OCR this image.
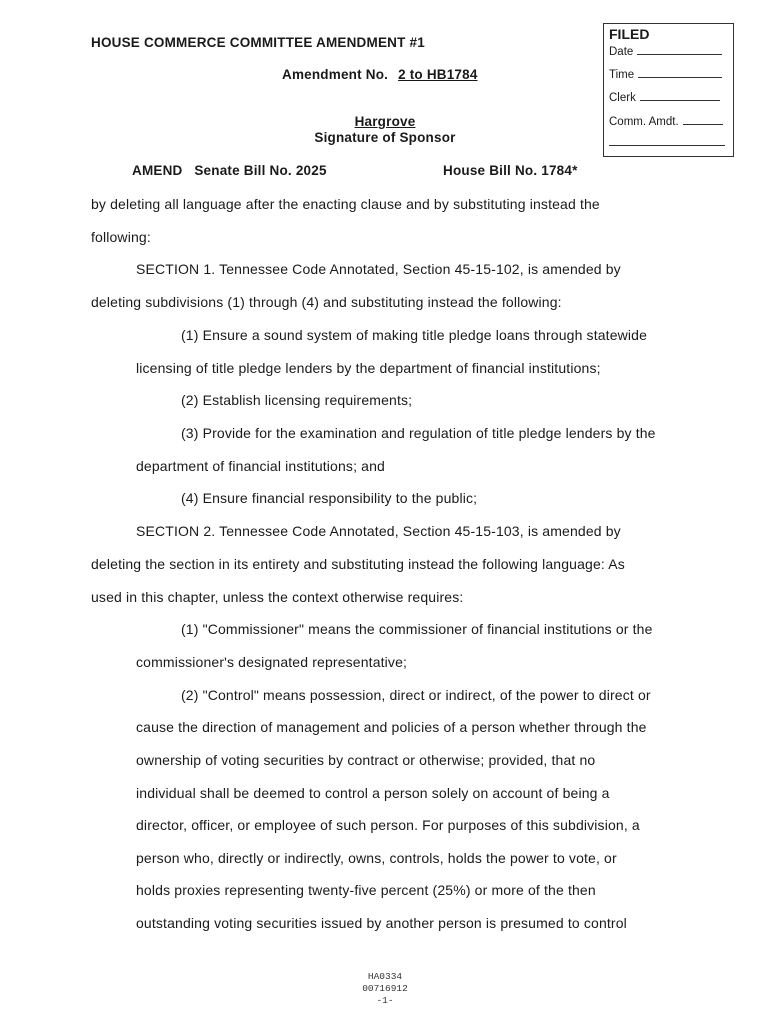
HOUSE COMMERCE COMMITTEE AMENDMENT #1
Amendment No. 2 to HB1784
Hargrove
Signature of Sponsor
AMEND   Senate Bill No. 2025	House Bill No. 1784*
FILED
Date
Time
Clerk
Comm. Amdt.
by deleting all language after the enacting clause and by substituting instead the
following:
SECTION 1. Tennessee Code Annotated, Section 45-15-102, is amended by
deleting subdivisions (1) through (4) and substituting instead the following:
(1) Ensure a sound system of making title pledge loans through statewide
licensing of title pledge lenders by the department of financial institutions;
(2) Establish licensing requirements;
(3) Provide for the examination and regulation of title pledge lenders by the
department of financial institutions; and
(4) Ensure financial responsibility to the public;
SECTION 2. Tennessee Code Annotated, Section 45-15-103, is amended by
deleting the section in its entirety and substituting instead the following language: As
used in this chapter, unless the context otherwise requires:
(1) "Commissioner" means the commissioner of financial institutions or the
commissioner's designated representative;
(2) "Control" means possession, direct or indirect, of the power to direct or
cause the direction of management and policies of a person whether through the
ownership of voting securities by contract or otherwise; provided, that no
individual shall be deemed to control a person solely on account of being a
director, officer, or employee of such person. For purposes of this subdivision, a
person who, directly or indirectly, owns, controls, holds the power to vote, or
holds proxies representing twenty-five percent (25%) or more of the then
outstanding voting securities issued by another person is presumed to control
HA0334
00716912
-1-
